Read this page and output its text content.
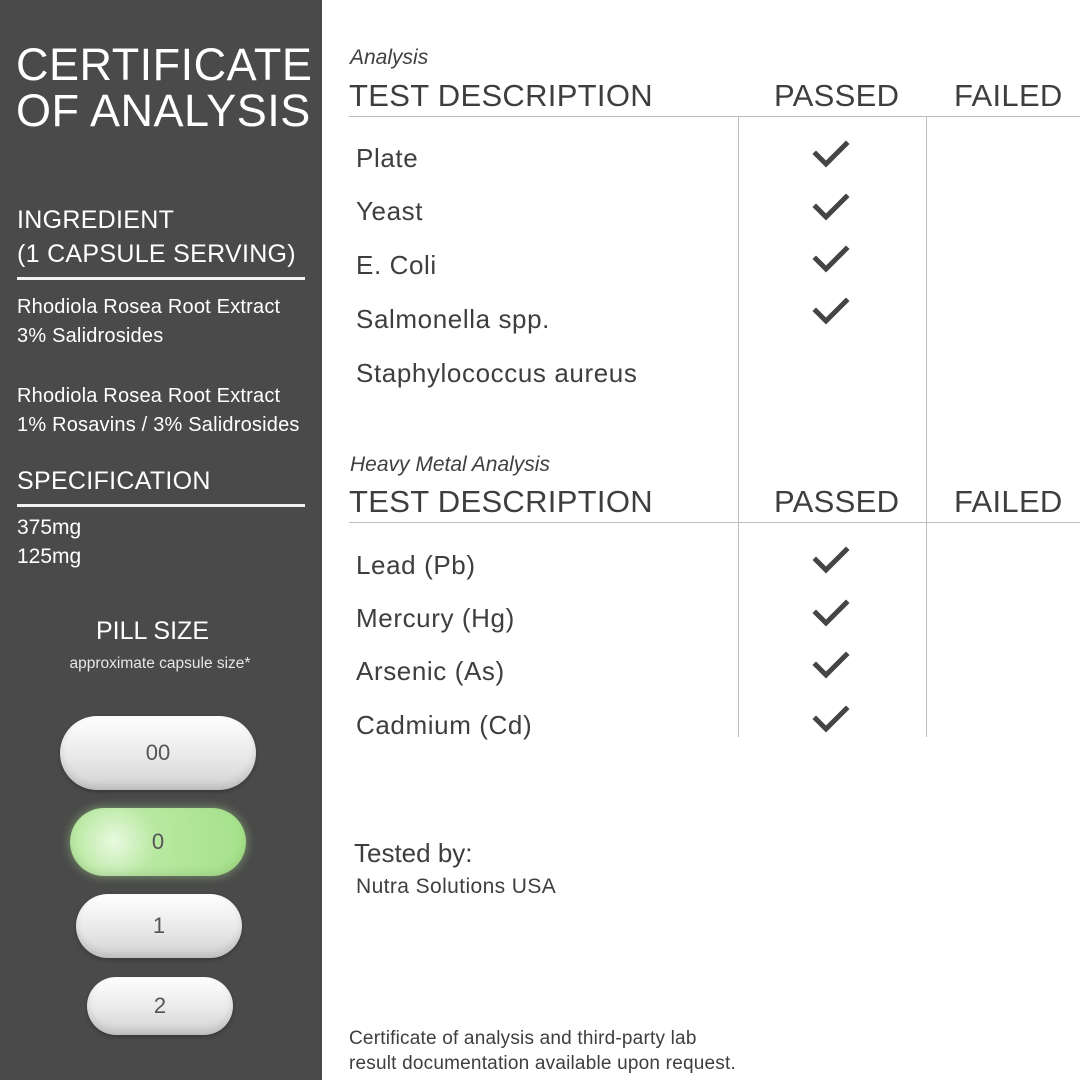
CERTIFICATE
OF ANALYSIS
INGREDIENT
(1 CAPSULE SERVING)
Rhodiola Rosea Root Extract
3% Salidrosides
Rhodiola Rosea Root Extract
1% Rosavins / 3% Salidrosides
SPECIFICATION
375mg
125mg
PILL SIZE
approximate capsule size*
00
0
1
2
Analysis
TEST DESCRIPTION	PASSED FAILED
Plate
Yeast
E. Coli
Salmonella spp.
Staphylococcus aureus
Heavy Metal Analysis
TEST DESCRIPTION	PASSED FAILED
Lead (Pb)
Mercury (Hg)
Arsenic (As)
Cadmium (Cd)
Tested by:
Nutra Solutions USA
Certificate of analysis and third-party lab
result documentation available upon request.
